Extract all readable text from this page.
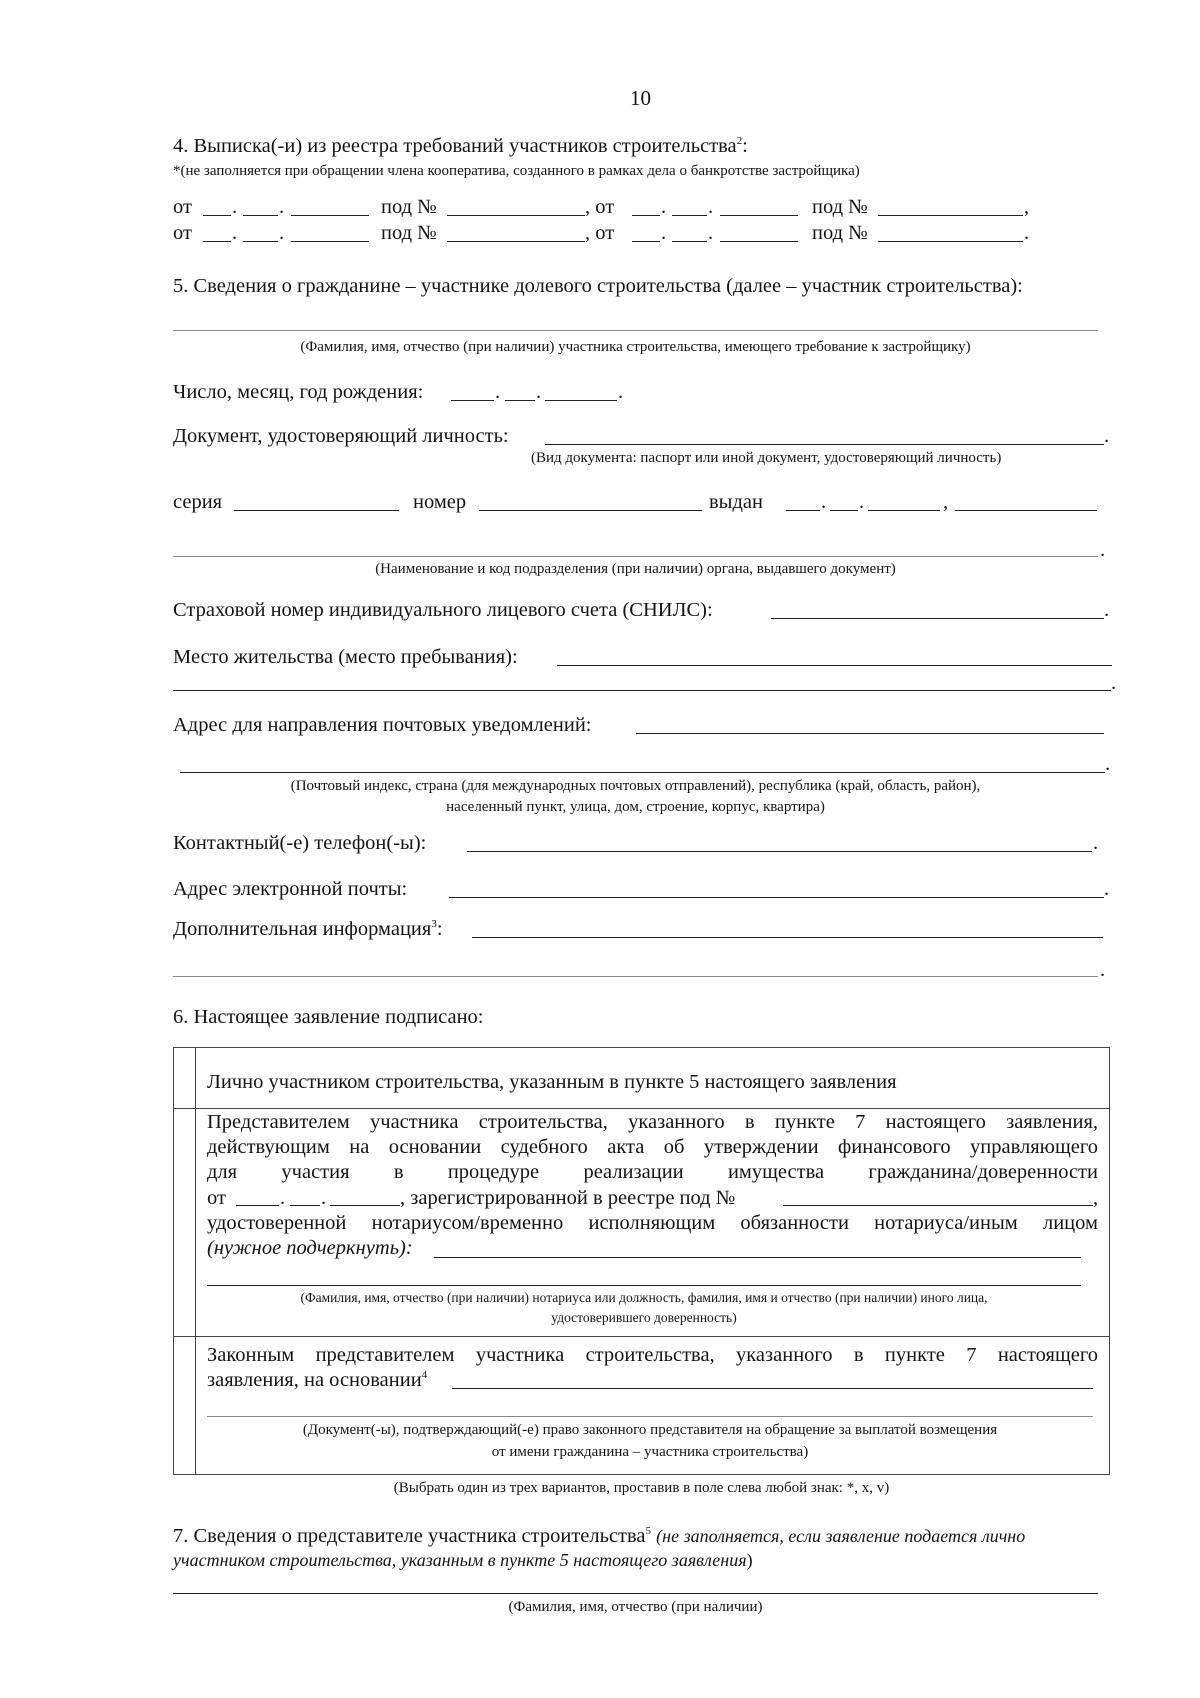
10
4. Выписка(-и) из реестра требований участников строительства$^2$:
*(не заполняется при обращении члена кооператива, созданного в рамках дела о банкротстве застройщика)
от . .	под №	, от . .	под №	,
от . .	под №	, от . .	под №	.
5. Сведения о гражданине – участнике долевого строительства (далее – участник строительства):
(Фамилия, имя, отчество (при наличии) участника строительства, имеющего требование к застройщику)
Число, месяц, год рождения:	. .	.
Документ, удостоверяющий личность:	.
(Вид документа: паспорт или иной документ, удостоверяющий личность)
серия	номер	выдан	. .	,
.
(Наименование и код подразделения (при наличии) органа, выдавшего документ)
Страховой номер индивидуального лицевого счета (СНИЛС):	.
Место жительства (место пребывания):
.
Адрес для направления почтовых уведомлений:
.
(Почтовый индекс, страна (для международных почтовых отправлений), республика (край, область, район),
населенный пункт, улица, дом, строение, корпус, квартира)
Контактный(-е) телефон(-ы):	.
Адрес электронной почты:	.
Дополнительная информация$^3$:
.
6. Настоящее заявление подписано:
Лично участником строительства, указанным в пункте 5 настоящего заявления
Представителем участника строительства, указанного в пункте 7 настоящего заявления,
действующим на основании судебного акта об утверждении финансового управляющего
для участия в процедуре реализации имущества гражданина/доверенности
от	. .	, зарегистрированной в реестре под №	,
удостоверенной нотариусом/временно исполняющим обязанности нотариуса/иным лицом
(нужное подчеркнуть):
(Фамилия, имя, отчество (при наличии) нотариуса или должность, фамилия, имя и отчество (при наличии) иного лица,
удостоверившего доверенность)
Законным представителем участника строительства, указанного в пункте 7 настоящего
заявления, на основании$^4$
(Документ(-ы), подтверждающий(-е) право законного представителя на обращение за выплатой возмещения
от имени гражданина – участника строительства)
(Выбрать один из трех вариантов, проставив в поле слева любой знак: *, x, v)
7. Сведения о представителе участника строительства$^5$ (не заполняется, если заявление подается лично
участником строительства, указанным в пункте 5 настоящего заявления)
(Фамилия, имя, отчество (при наличии)
